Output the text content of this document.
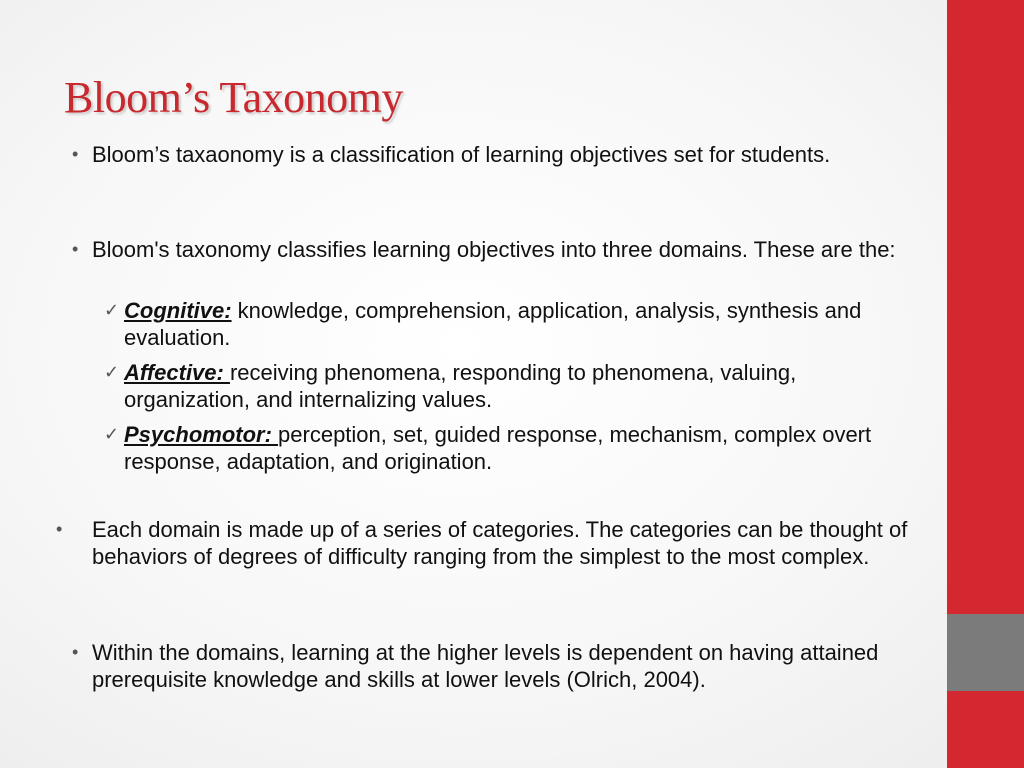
Bloom’s Taxonomy
• Bloom’s taxaonomy is a classification of learning objectives set for students.
• Bloom's taxonomy classifies learning objectives into three domains. These are the:
✓ Cognitive: knowledge, comprehension, application, analysis, synthesis and evaluation.
✓ Affective: receiving phenomena, responding to phenomena, valuing, organization, and internalizing values.
✓ Psychomotor: perception, set, guided response, mechanism, complex overt response, adaptation, and origination.
•	Each domain is made up of a series of categories. The categories can be thought of behaviors of degrees of difficulty ranging from the simplest to the most complex.
• Within the domains, learning at the higher levels is dependent on having attained prerequisite knowledge and skills at lower levels (Olrich, 2004).
